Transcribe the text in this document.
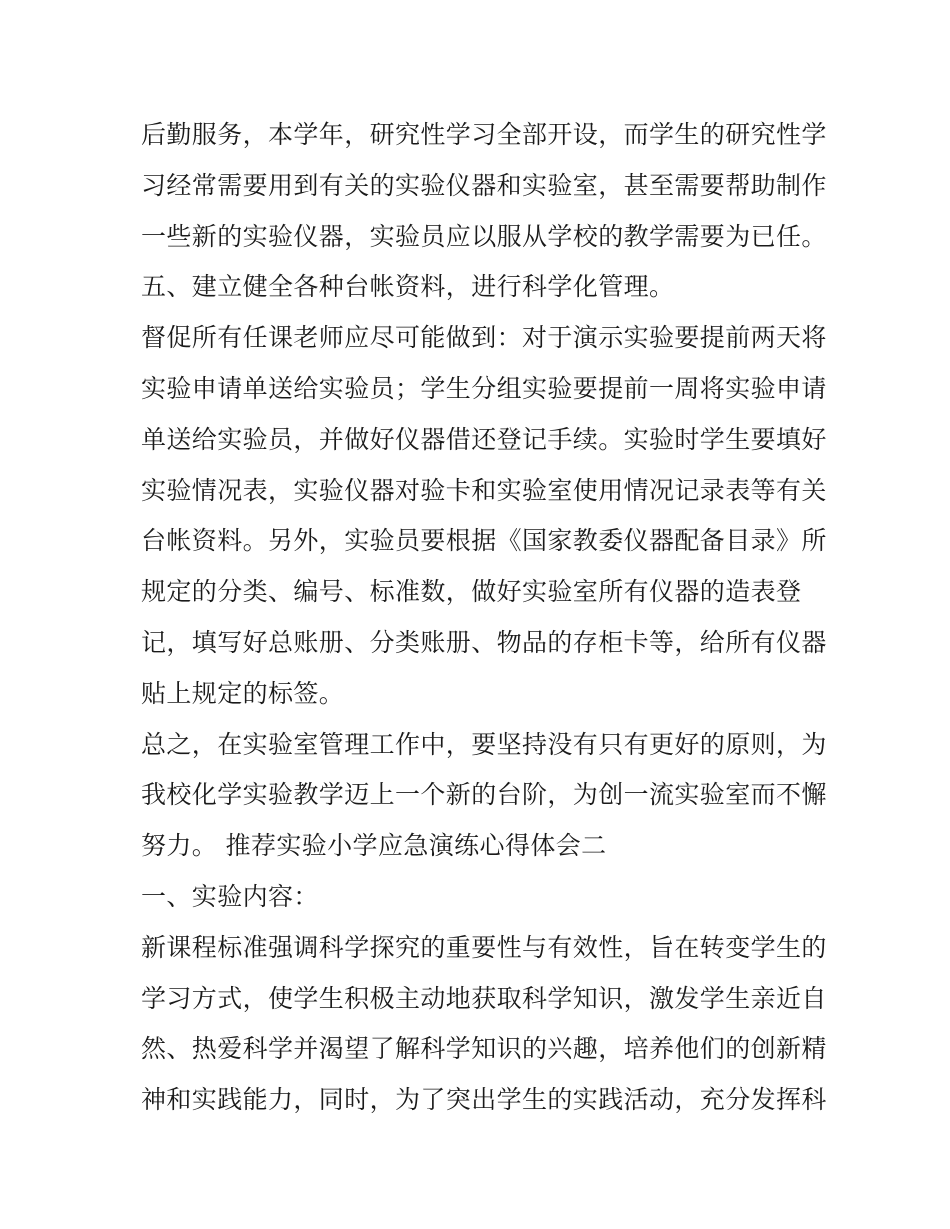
后勤服务，本学年，研究性学习全部开设，而学生的研究性学
习经常需要用到有关的实验仪器和实验室，甚至需要帮助制作
一些新的实验仪器，实验员应以服从学校的教学需要为已任。
五、建立健全各种台帐资料，进行科学化管理。
督促所有任课老师应尽可能做到：对于演示实验要提前两天将
实验申请单送给实验员；学生分组实验要提前一周将实验申请
单送给实验员，并做好仪器借还登记手续。实验时学生要填好
实验情况表，实验仪器对验卡和实验室使用情况记录表等有关
台帐资料。另外，实验员要根据《国家教委仪器配备目录》所
规定的分类、编号、标准数，做好实验室所有仪器的造表登
记，填写好总账册、分类账册、物品的存柜卡等，给所有仪器
贴上规定的标签。
总之，在实验室管理工作中，要坚持没有只有更好的原则，为
我校化学实验教学迈上一个新的台阶，为创一流实验室而不懈
努力。 推荐实验小学应急演练心得体会二
一、实验内容：
新课程标准强调科学探究的重要性与有效性，旨在转变学生的
学习方式，使学生积极主动地获取科学知识，激发学生亲近自
然、热爱科学并渴望了解科学知识的兴趣，培养他们的创新精
神和实践能力，同时，为了突出学生的实践活动，充分发挥科
